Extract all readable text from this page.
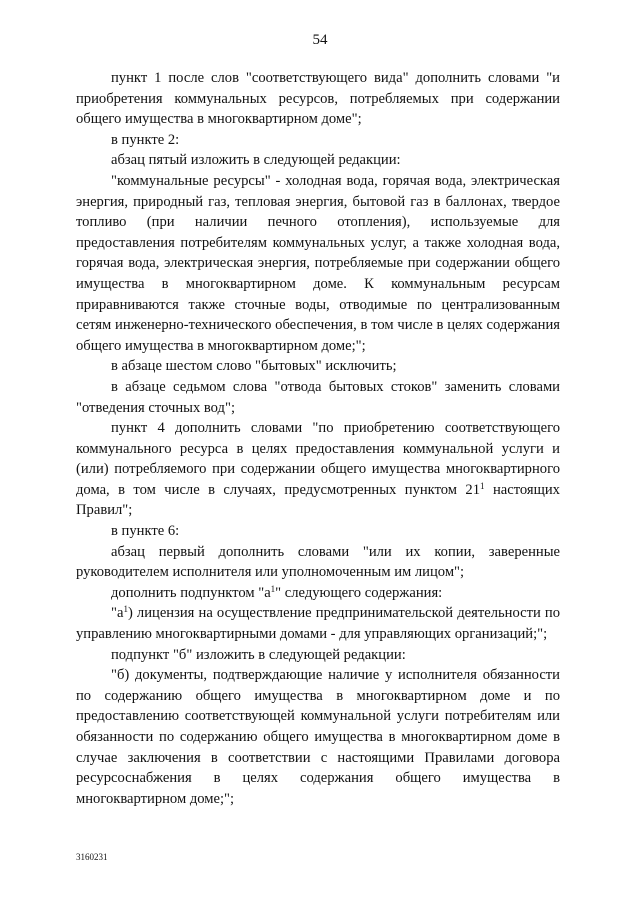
54

пункт 1 после слов "соответствующего вида" дополнить словами "и приобретения коммунальных ресурсов, потребляемых при содержании общего имущества в многоквартирном доме";

в пункте 2:

абзац пятый изложить в следующей редакции:

"коммунальные ресурсы" - холодная вода, горячая вода, электрическая энергия, природный газ, тепловая энергия, бытовой газ в баллонах, твердое топливо (при наличии печного отопления), используемые для предоставления потребителям коммунальных услуг, а также холодная вода, горячая вода, электрическая энергия, потребляемые при содержании общего имущества в многоквартирном доме. К коммунальным ресурсам приравниваются также сточные воды, отводимые по централизованным сетям инженерно-технического обеспечения, в том числе в целях содержания общего имущества в многоквартирном доме;";

в абзаце шестом слово "бытовых" исключить;

в абзаце седьмом слова "отвода бытовых стоков" заменить словами "отведения сточных вод";

пункт 4 дополнить словами "по приобретению соответствующего коммунального ресурса в целях предоставления коммунальной услуги и (или) потребляемого при содержании общего имущества многоквартирного дома, в том числе в случаях, предусмотренных пунктом $21^1$ настоящих Правил";

в пункте 6:

абзац первый дополнить словами "или их копии, заверенные руководителем исполнителя или уполномоченным им лицом";

дополнить подпунктом "$а^1$" следующего содержания:

"$а^1$) лицензия на осуществление предпринимательской деятельности по управлению многоквартирными домами - для управляющих организаций;";

подпункт "б" изложить в следующей редакции:

"б) документы, подтверждающие наличие у исполнителя обязанности по содержанию общего имущества в многоквартирном доме и по предоставлению соответствующей коммунальной услуги потребителям или обязанности по содержанию общего имущества в многоквартирном доме в случае заключения в соответствии с настоящими Правилами договора ресурсоснабжения в целях содержания общего имущества в многоквартирном доме;";

3160231
